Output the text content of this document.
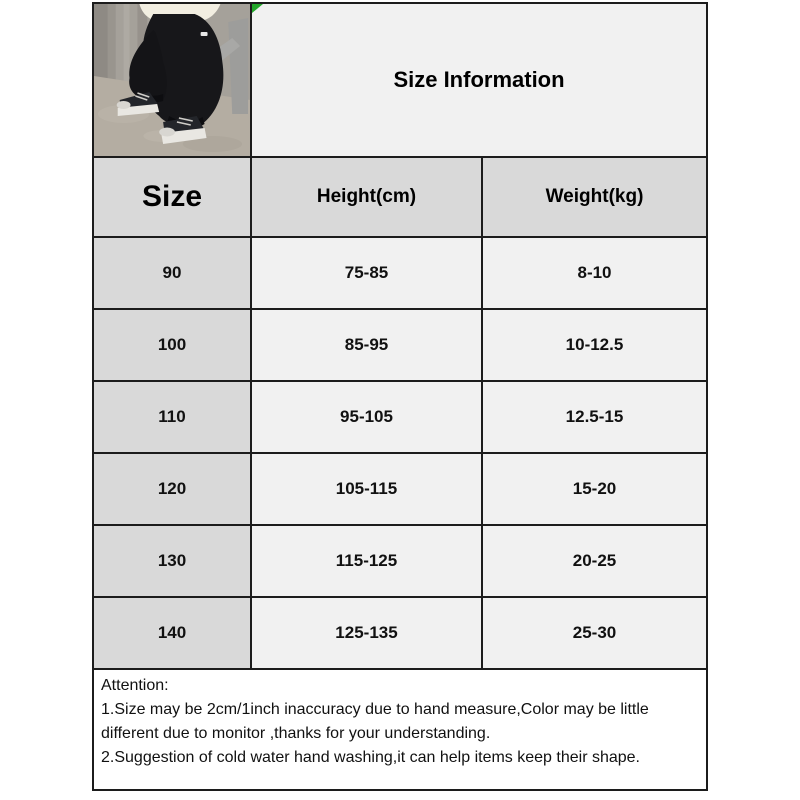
Size Information
Size	Height(cm)	Weight(kg)
90	75-85	8-10
100	85-95	10-12.5
110	95-105	12.5-15
120	105-115	15-20
130	115-125	20-25
140	125-135	25-30
Attention:
1.Size may be 2cm/1inch inaccuracy due to hand measure,Color may be little different due to monitor ,thanks for your understanding.
2.Suggestion of cold water hand washing,it can help items keep their shape.
